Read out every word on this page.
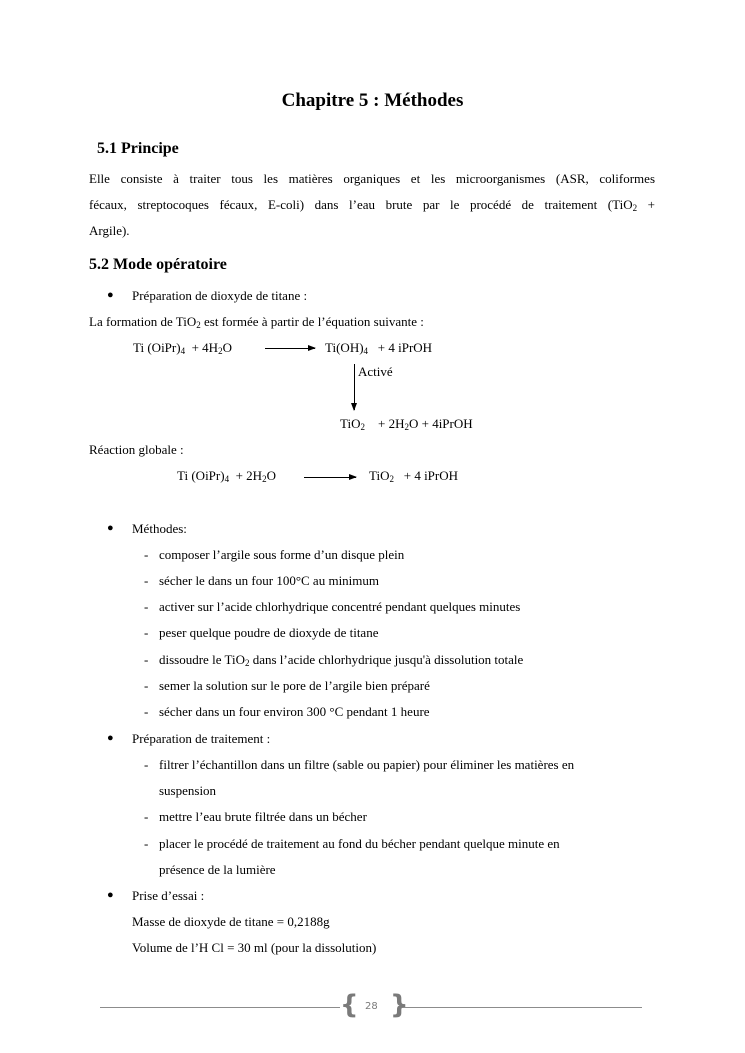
Chapitre 5 : Méthodes
5.1 Principe
Elle consiste à traiter tous les matières organiques et les microorganismes (ASR, coliformes
fécaux, streptocoques fécaux, E-coli) dans l’eau brute par le procédé de traitement (TiO$_2$ +
Argile).
5.2 Mode opératoire
● Préparation de dioxyde de titane :
La formation de TiO$_2$ est formée à partir de l’équation suivante :
Ti $(OiPr)_4 + 4H_2O$	$Ti(OH)_4 + 4$ iPrOH
Activé
$TiO_2 + 2H_2O$ + 4iPrOH
Réaction globale :
Ti $(OiPr)_4 + 2H_2O$	TiO$_2$ + 4 iPrOH
● Méthodes:
- composer l’argile sous forme d’un disque plein
- sécher le dans un four 100°C au minimum
- activer sur l’acide chlorhydrique concentré pendant quelques minutes
- peser quelque poudre de dioxyde de titane
- dissoudre le TiO$_2$ dans l’acide chlorhydrique jusqu'à dissolution totale
- semer la solution sur le pore de l’argile bien préparé
- sécher dans un four environ 300 °C pendant 1 heure
● Préparation de traitement :
- filtrer l’échantillon dans un filtre (sable ou papier) pour éliminer les matières en
suspension
- mettre l’eau brute filtrée dans un bécher
- placer le procédé de traitement au fond du bécher pendant quelque minute en
présence de la lumière
● Prise d’essai :
Masse de dioxyde de titane = 0,2188g
Volume de l’H Cl = 30 ml (pour la dissolution)
{ }
28
